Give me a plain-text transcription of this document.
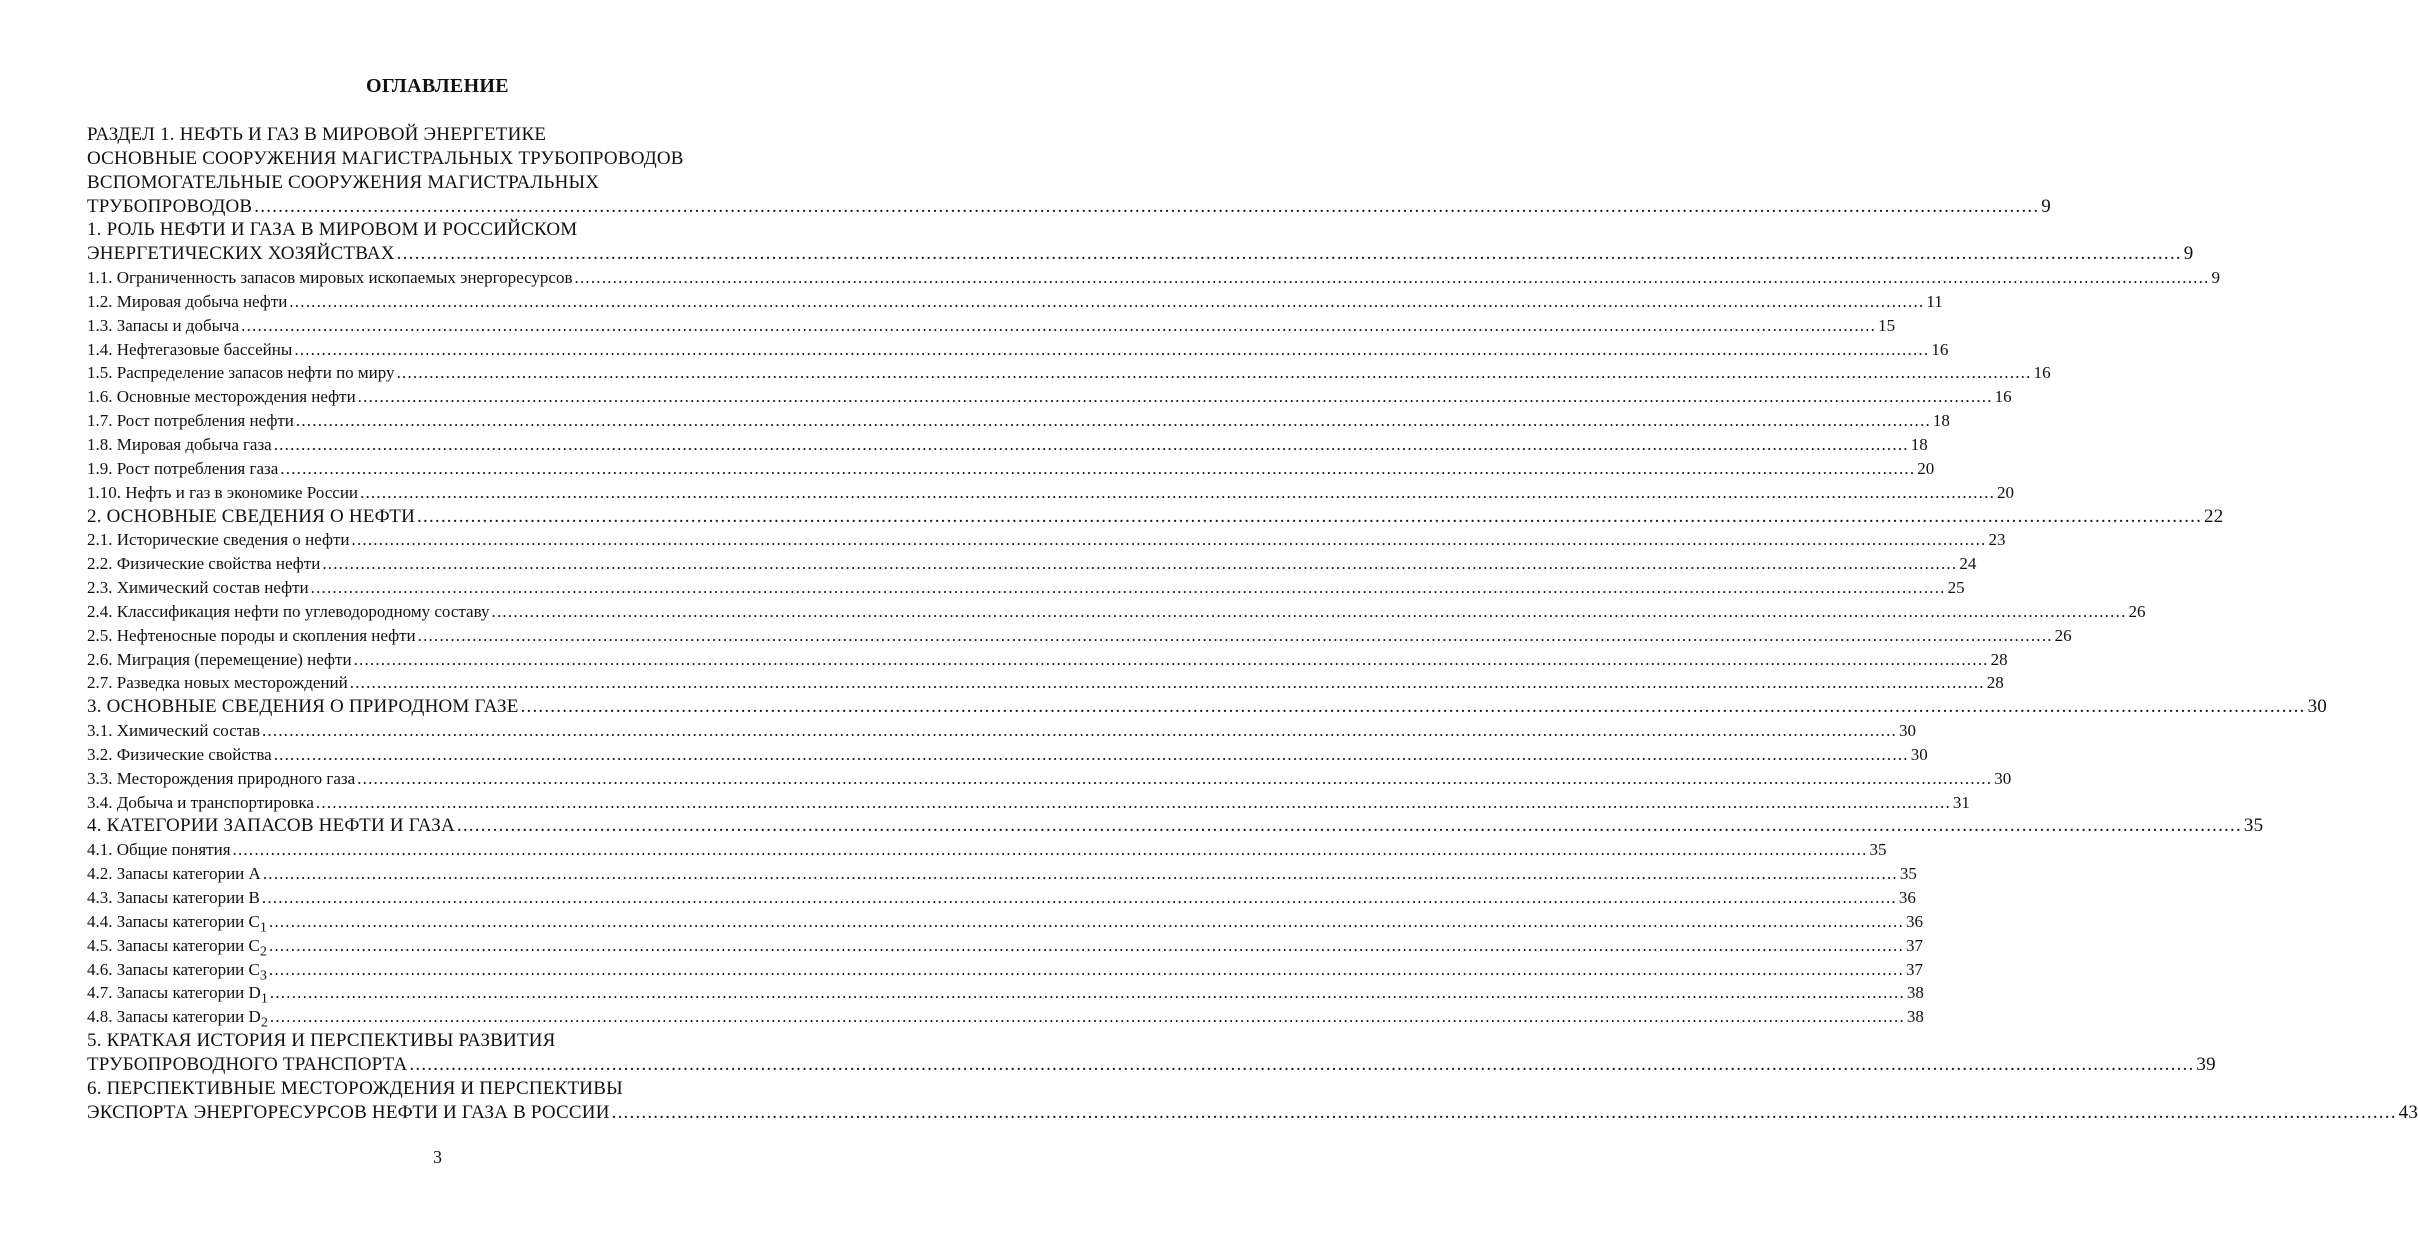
ОГЛАВЛЕНИЕ
РАЗДЕЛ 1. НЕФТЬ И ГАЗ В МИРОВОЙ ЭНЕРГЕТИКЕ
ОСНОВНЫЕ СООРУЖЕНИЯ МАГИСТРАЛЬНЫХ ТРУБОПРОВОДОВ
ВСПОМОГАТЕЛЬНЫЕ СООРУЖЕНИЯ МАГИСТРАЛЬНЫХ
ТРУБОПРОВОДОВ ............................................................................................................................................................................................................................................................................................................ 9
1. РОЛЬ НЕФТИ И ГАЗА В МИРОВОМ И РОССИЙСКОМ
ЭНЕРГЕТИЧЕСКИХ ХОЗЯЙСТВАХ ............................................................................................................................................................................................................................................................................................................ 9
1.1. Ограниченность запасов мировых ископаемых энергоресурсов ............................................................................................................................................................................................................................................................................................................ 9
1.2. Мировая добыча нефти ............................................................................................................................................................................................................................................................................................................ 11
1.3. Запасы и добыча ............................................................................................................................................................................................................................................................................................................ 15
1.4. Нефтегазовые бассейны ............................................................................................................................................................................................................................................................................................................ 16
1.5. Распределение запасов нефти по миру ............................................................................................................................................................................................................................................................................................................ 16
1.6. Основные месторождения нефти ............................................................................................................................................................................................................................................................................................................ 16
1.7. Рост потребления нефти ............................................................................................................................................................................................................................................................................................................ 18
1.8. Мировая добыча газа ............................................................................................................................................................................................................................................................................................................ 18
1.9. Рост потребления газа ............................................................................................................................................................................................................................................................................................................ 20
1.10. Нефть и газ в экономике России ............................................................................................................................................................................................................................................................................................................ 20
2. ОСНОВНЫЕ СВЕДЕНИЯ О НЕФТИ ............................................................................................................................................................................................................................................................................................................ 22
2.1. Исторические сведения о нефти ............................................................................................................................................................................................................................................................................................................ 23
2.2. Физические свойства нефти ............................................................................................................................................................................................................................................................................................................ 24
2.3. Химический состав нефти ............................................................................................................................................................................................................................................................................................................ 25
2.4. Классификация нефти по углеводородному составу ............................................................................................................................................................................................................................................................................................................ 26
2.5. Нефтеносные породы и скопления нефти ............................................................................................................................................................................................................................................................................................................ 26
2.6. Миграция (перемещение) нефти ............................................................................................................................................................................................................................................................................................................ 28
2.7. Разведка новых месторождений ............................................................................................................................................................................................................................................................................................................ 28
3. ОСНОВНЫЕ СВЕДЕНИЯ О ПРИРОДНОМ ГАЗЕ ............................................................................................................................................................................................................................................................................................................ 30
3.1. Химический состав ............................................................................................................................................................................................................................................................................................................ 30
3.2. Физические свойства ............................................................................................................................................................................................................................................................................................................ 30
3.3. Месторождения природного газа ............................................................................................................................................................................................................................................................................................................ 30
3.4. Добыча и транспортировка ............................................................................................................................................................................................................................................................................................................ 31
4. КАТЕГОРИИ ЗАПАСОВ НЕФТИ И ГАЗА ............................................................................................................................................................................................................................................................................................................ 35
4.1. Общие понятия ............................................................................................................................................................................................................................................................................................................ 35
4.2. Запасы категории А ............................................................................................................................................................................................................................................................................................................ 35
4.3. Запасы категории В ............................................................................................................................................................................................................................................................................................................ 36
4.4. Запасы категории $С_1$ ............................................................................................................................................................................................................................................................................................................ 36
4.5. Запасы категории $С_2$ ............................................................................................................................................................................................................................................................................................................ 37
4.6. Запасы категории $С_3$ ............................................................................................................................................................................................................................................................................................................ 37
4.7. Запасы категории $D_1$ ............................................................................................................................................................................................................................................................................................................ 38
4.8. Запасы категории $D_2$ ............................................................................................................................................................................................................................................................................................................ 38
5. КРАТКАЯ ИСТОРИЯ И ПЕРСПЕКТИВЫ РАЗВИТИЯ
ТРУБОПРОВОДНОГО ТРАНСПОРТА ............................................................................................................................................................................................................................................................................................................ 39
6. ПЕРСПЕКТИВНЫЕ МЕСТОРОЖДЕНИЯ И ПЕРСПЕКТИВЫ
ЭКСПОРТА ЭНЕРГОРЕСУРСОВ НЕФТИ И ГАЗА В РОССИИ ............................................................................................................................................................................................................................................................................................................ 43
3
